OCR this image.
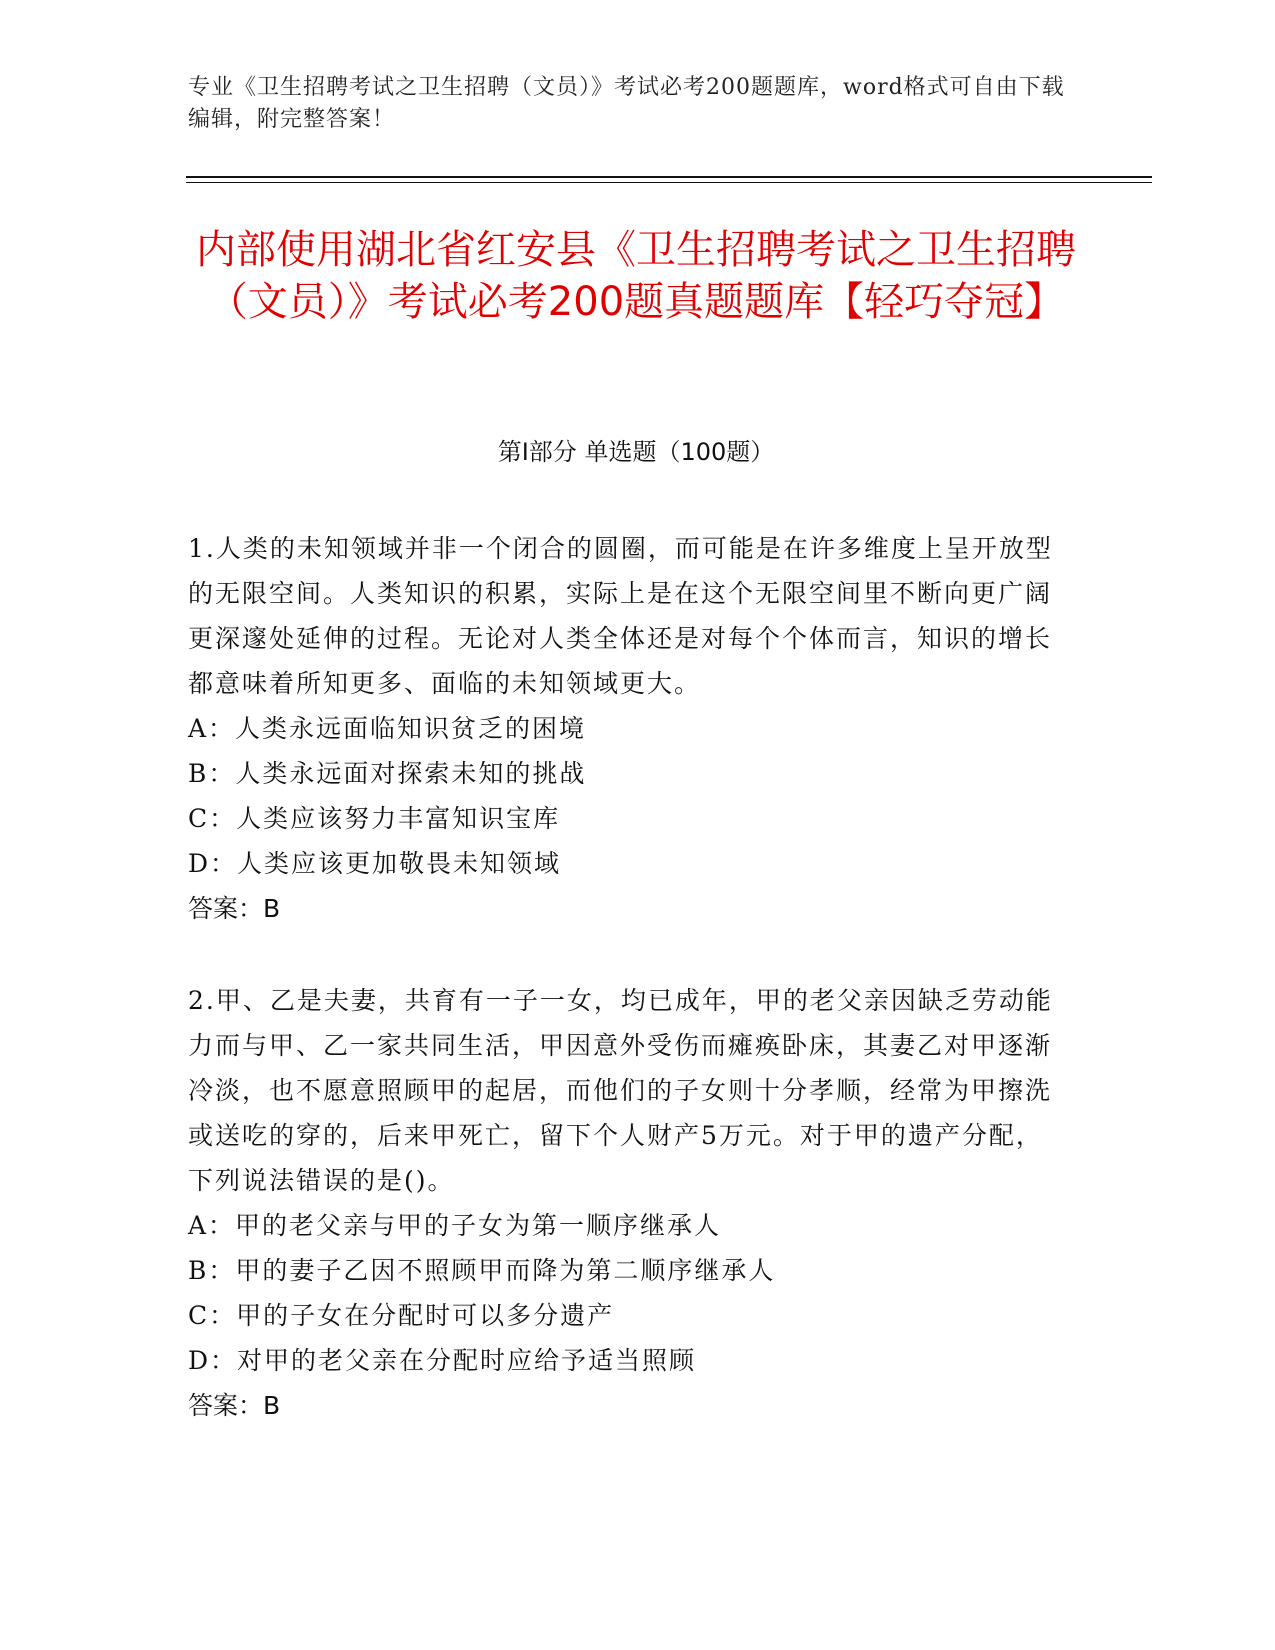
专业《卫生招聘考试之卫生招聘（文员）》考试必考200题题库，word格式可自由下载编辑，附完整答案！
内部使用湖北省红安县《卫生招聘考试之卫生招聘（文员）》考试必考200题真题题库【轻巧夺冠】
第I部分 单选题（100题）

1.人类的未知领域并非一个闭合的圆圈，而可能是在许多维度上呈开放型的无限空间。人类知识的积累，实际上是在这个无限空间里不断向更广阔更深邃处延伸的过程。无论对人类全体还是对每个个体而言，知识的增长都意味着所知更多、面临的未知领域更大。

A：人类永远面临知识贫乏的困境

B：人类永远面对探索未知的挑战

C：人类应该努力丰富知识宝库

D：人类应该更加敬畏未知领域

答案：B

2.甲、乙是夫妻，共育有一子一女，均已成年，甲的老父亲因缺乏劳动能力而与甲、乙一家共同生活，甲因意外受伤而瘫痪卧床，其妻乙对甲逐渐冷淡，也不愿意照顾甲的起居，而他们的子女则十分孝顺，经常为甲擦洗或送吃的穿的，后来甲死亡，留下个人财产5万元。对于甲的遗产分配，下列说法错误的是()。

A：甲的老父亲与甲的子女为第一顺序继承人

B：甲的妻子乙因不照顾甲而降为第二顺序继承人

C：甲的子女在分配时可以多分遗产

D：对甲的老父亲在分配时应给予适当照顾

答案：B
